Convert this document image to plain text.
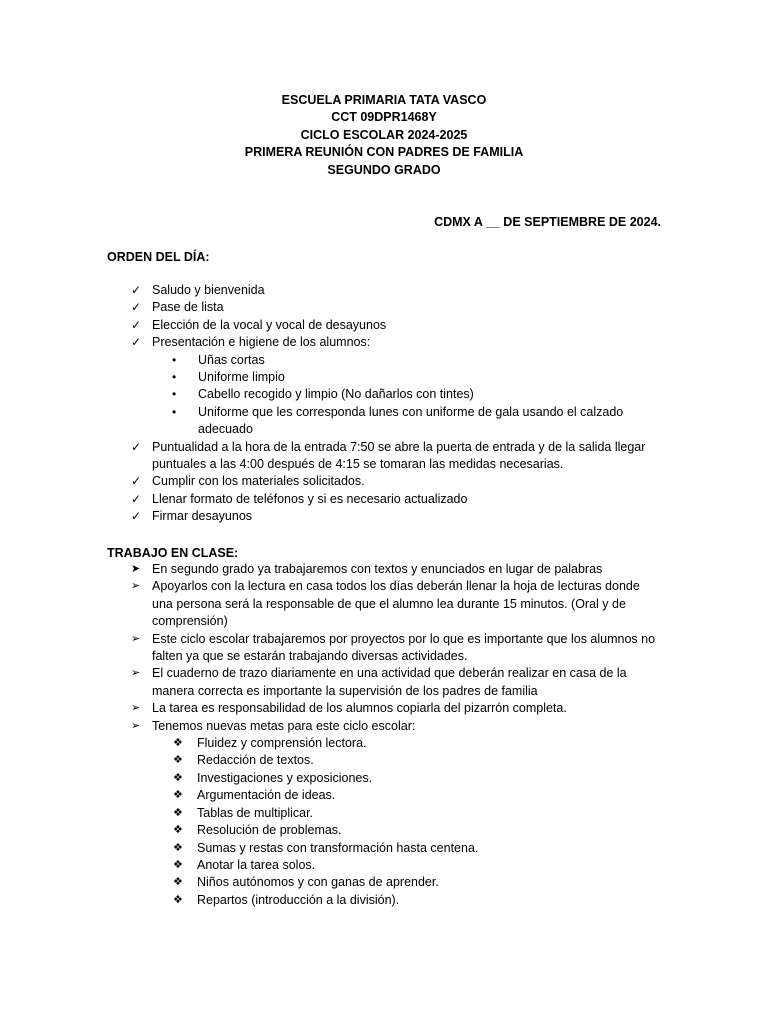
ESCUELA PRIMARIA TATA VASCO
CCT 09DPR1468Y
CICLO ESCOLAR 2024-2025
PRIMERA REUNIÓN CON PADRES DE FAMILIA
SEGUNDO GRADO
CDMX A __ DE SEPTIEMBRE DE 2024.
ORDEN DEL DÍA:
✓ Saludo y bienvenida
✓ Pase de lista
✓ Elección de la vocal y vocal de desayunos
✓ Presentación e higiene de los alumnos:
•	Uñas cortas
•	Uniforme limpio
•	Cabello recogido y limpio (No dañarlos con tintes)
•	Uniforme que les corresponda lunes con uniforme de gala usando el calzado adecuado
✓ Puntualidad a la hora de la entrada 7:50 se abre la puerta de entrada y de la salida llegar puntuales a las 4:00 después de 4:15 se tomaran las medidas necesarias.
✓ Cumplir con los materiales solicitados.
✓ Llenar formato de teléfonos y si es necesario actualizado
✓ Firmar desayunos
TRABAJO EN CLASE:
➤ En segundo grado ya trabajaremos con textos y enunciados en lugar de palabras
➢ Apoyarlos con la lectura en casa todos los días deberán llenar la hoja de lecturas donde una persona será la responsable de que el alumno lea durante 15 minutos. (Oral y de comprensión)
➢ Este ciclo escolar trabajaremos por proyectos por lo que es importante que los alumnos no falten ya que se estarán trabajando diversas actividades.
➢ El cuaderno de trazo diariamente en una actividad que deberán realizar en casa de la manera correcta es importante la supervisión de los padres de familia
➢ La tarea es responsabilidad de los alumnos copiarla del pizarrón completa.
➢ Tenemos nuevas metas para este ciclo escolar:
❖	Fluidez y comprensión lectora.
❖	Redacción de textos.
❖	Investigaciones y exposiciones.
❖	Argumentación de ideas.
❖	Tablas de multiplicar.
❖	Resolución de problemas.
❖	Sumas y restas con transformación hasta centena.
❖	Anotar la tarea solos.
❖	Niños autónomos y con ganas de aprender.
❖	Repartos (introducción a la división).
